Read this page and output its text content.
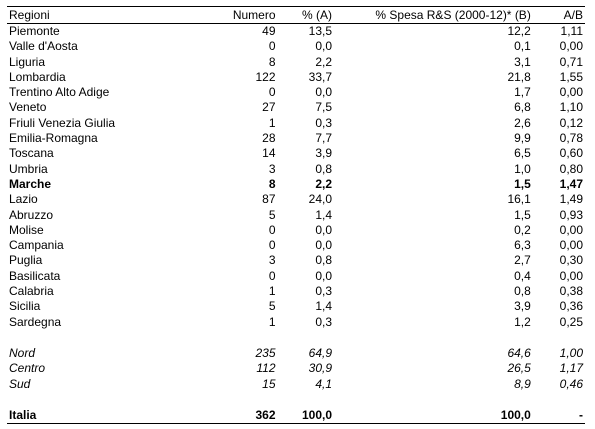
Regioni	Numero	% (A)	% Spesa R&S (2000-12)* (B)	A/B
Piemonte	49	13,5	12,2	1,11
Valle d'Aosta	0	0,0	0,1	0,00
Liguria	8	2,2	3,1	0,71
Lombardia	122	33,7	21,8	1,55
Trentino Alto Adige	0	0,0	1,7	0,00
Veneto	27	7,5	6,8	1,10
Friuli Venezia Giulia	1	0,3	2,6	0,12
Emilia-Romagna	28	7,7	9,9	0,78
Toscana	14	3,9	6,5	0,60
Umbria	3	0,8	1,0	0,80
Marche	8	2,2	1,5	1,47
Lazio	87	24,0	16,1	1,49
Abruzzo	5	1,4	1,5	0,93
Molise	0	0,0	0,2	0,00
Campania	0	0,0	6,3	0,00
Puglia	3	0,8	2,7	0,30
Basilicata	0	0,0	0,4	0,00
Calabria	1	0,3	0,8	0,38
Sicilia	5	1,4	3,9	0,36
Sardegna	1	0,3	1,2	0,25

Nord	235	64,9	64,6	1,00
Centro	112	30,9	26,5	1,17
Sud	15	4,1	8,9	0,46

Italia	362	100,0	100,0	-
